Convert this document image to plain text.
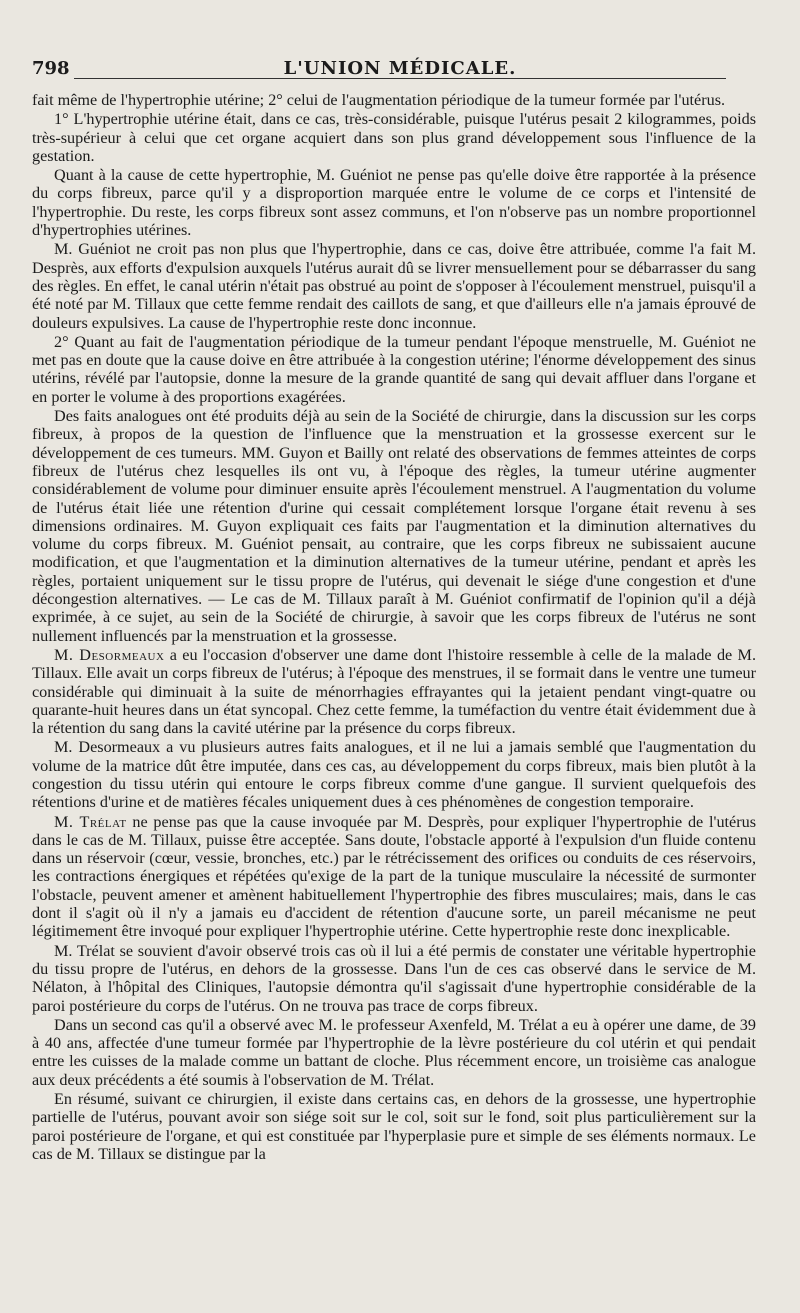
798	L'UNION MÉDICALE.

fait même de l'hypertrophie utérine; 2° celui de l'augmentation périodique de la tumeur formée par l'utérus.

1° L'hypertrophie utérine était, dans ce cas, très-considérable, puisque l'utérus pesait 2 kilogrammes, poids très-supérieur à celui que cet organe acquiert dans son plus grand développement sous l'influence de la gestation.

Quant à la cause de cette hypertrophie, M. Guéniot ne pense pas qu'elle doive être rapportée à la présence du corps fibreux, parce qu'il y a disproportion marquée entre le volume de ce corps et l'intensité de l'hypertrophie. Du reste, les corps fibreux sont assez communs, et l'on n'observe pas un nombre proportionnel d'hypertrophies utérines.

M. Guéniot ne croit pas non plus que l'hypertrophie, dans ce cas, doive être attribuée, comme l'a fait M. Desprès, aux efforts d'expulsion auxquels l'utérus aurait dû se livrer mensuellement pour se débarrasser du sang des règles. En effet, le canal utérin n'était pas obstrué au point de s'opposer à l'écoulement menstruel, puisqu'il a été noté par M. Tillaux que cette femme rendait des caillots de sang, et que d'ailleurs elle n'a jamais éprouvé de douleurs expulsives. La cause de l'hypertrophie reste donc inconnue.

2° Quant au fait de l'augmentation périodique de la tumeur pendant l'époque menstruelle, M. Guéniot ne met pas en doute que la cause doive en être attribuée à la congestion utérine; l'énorme développement des sinus utérins, révélé par l'autopsie, donne la mesure de la grande quantité de sang qui devait affluer dans l'organe et en porter le volume à des proportions exagérées.

Des faits analogues ont été produits déjà au sein de la Société de chirurgie, dans la discussion sur les corps fibreux, à propos de la question de l'influence que la menstruation et la grossesse exercent sur le développement de ces tumeurs. MM. Guyon et Bailly ont relaté des observations de femmes atteintes de corps fibreux de l'utérus chez lesquelles ils ont vu, à l'époque des règles, la tumeur utérine augmenter considérablement de volume pour diminuer ensuite après l'écoulement menstruel. A l'augmentation du volume de l'utérus était liée une rétention d'urine qui cessait complétement lorsque l'organe était revenu à ses dimensions ordinaires. M. Guyon expliquait ces faits par l'augmentation et la diminution alternatives du volume du corps fibreux. M. Guéniot pensait, au contraire, que les corps fibreux ne subissaient aucune modification, et que l'augmentation et la diminution alternatives de la tumeur utérine, pendant et après les règles, portaient uniquement sur le tissu propre de l'utérus, qui devenait le siége d'une congestion et d'une décongestion alternatives. — Le cas de M. Tillaux paraît à M. Guéniot confirmatif de l'opinion qu'il a déjà exprimée, à ce sujet, au sein de la Société de chirurgie, à savoir que les corps fibreux de l'utérus ne sont nullement influencés par la menstruation et la grossesse.

M. Desormeaux a eu l'occasion d'observer une dame dont l'histoire ressemble à celle de la malade de M. Tillaux. Elle avait un corps fibreux de l'utérus; à l'époque des menstrues, il se formait dans le ventre une tumeur considérable qui diminuait à la suite de ménorrhagies effrayantes qui la jetaient pendant vingt-quatre ou quarante-huit heures dans un état syncopal. Chez cette femme, la tuméfaction du ventre était évidemment due à la rétention du sang dans la cavité utérine par la présence du corps fibreux.

M. Desormeaux a vu plusieurs autres faits analogues, et il ne lui a jamais semblé que l'augmentation du volume de la matrice dût être imputée, dans ces cas, au développement du corps fibreux, mais bien plutôt à la congestion du tissu utérin qui entoure le corps fibreux comme d'une gangue. Il survient quelquefois des rétentions d'urine et de matières fécales uniquement dues à ces phénomènes de congestion temporaire.

M. Trélat ne pense pas que la cause invoquée par M. Desprès, pour expliquer l'hypertrophie de l'utérus dans le cas de M. Tillaux, puisse être acceptée. Sans doute, l'obstacle apporté à l'expulsion d'un fluide contenu dans un réservoir (cœur, vessie, bronches, etc.) par le rétrécissement des orifices ou conduits de ces réservoirs, les contractions énergiques et répétées qu'exige de la part de la tunique musculaire la nécessité de surmonter l'obstacle, peuvent amener et amènent habituellement l'hypertrophie des fibres musculaires; mais, dans le cas dont il s'agit où il n'y a jamais eu d'accident de rétention d'aucune sorte, un pareil mécanisme ne peut légitimement être invoqué pour expliquer l'hypertrophie utérine. Cette hypertrophie reste donc inexplicable.

M. Trélat se souvient d'avoir observé trois cas où il lui a été permis de constater une véritable hypertrophie du tissu propre de l'utérus, en dehors de la grossesse. Dans l'un de ces cas observé dans le service de M. Nélaton, à l'hôpital des Cliniques, l'autopsie démontra qu'il s'agissait d'une hypertrophie considérable de la paroi postérieure du corps de l'utérus. On ne trouva pas trace de corps fibreux.

Dans un second cas qu'il a observé avec M. le professeur Axenfeld, M. Trélat a eu à opérer une dame, de 39 à 40 ans, affectée d'une tumeur formée par l'hypertrophie de la lèvre postérieure du col utérin et qui pendait entre les cuisses de la malade comme un battant de cloche. Plus récemment encore, un troisième cas analogue aux deux précédents a été soumis à l'observation de M. Trélat.

En résumé, suivant ce chirurgien, il existe dans certains cas, en dehors de la grossesse, une hypertrophie partielle de l'utérus, pouvant avoir son siége soit sur le col, soit sur le fond, soit plus particulièrement sur la paroi postérieure de l'organe, et qui est constituée par l'hyperplasie pure et simple de ses éléments normaux. Le cas de M. Tillaux se distingue par la
